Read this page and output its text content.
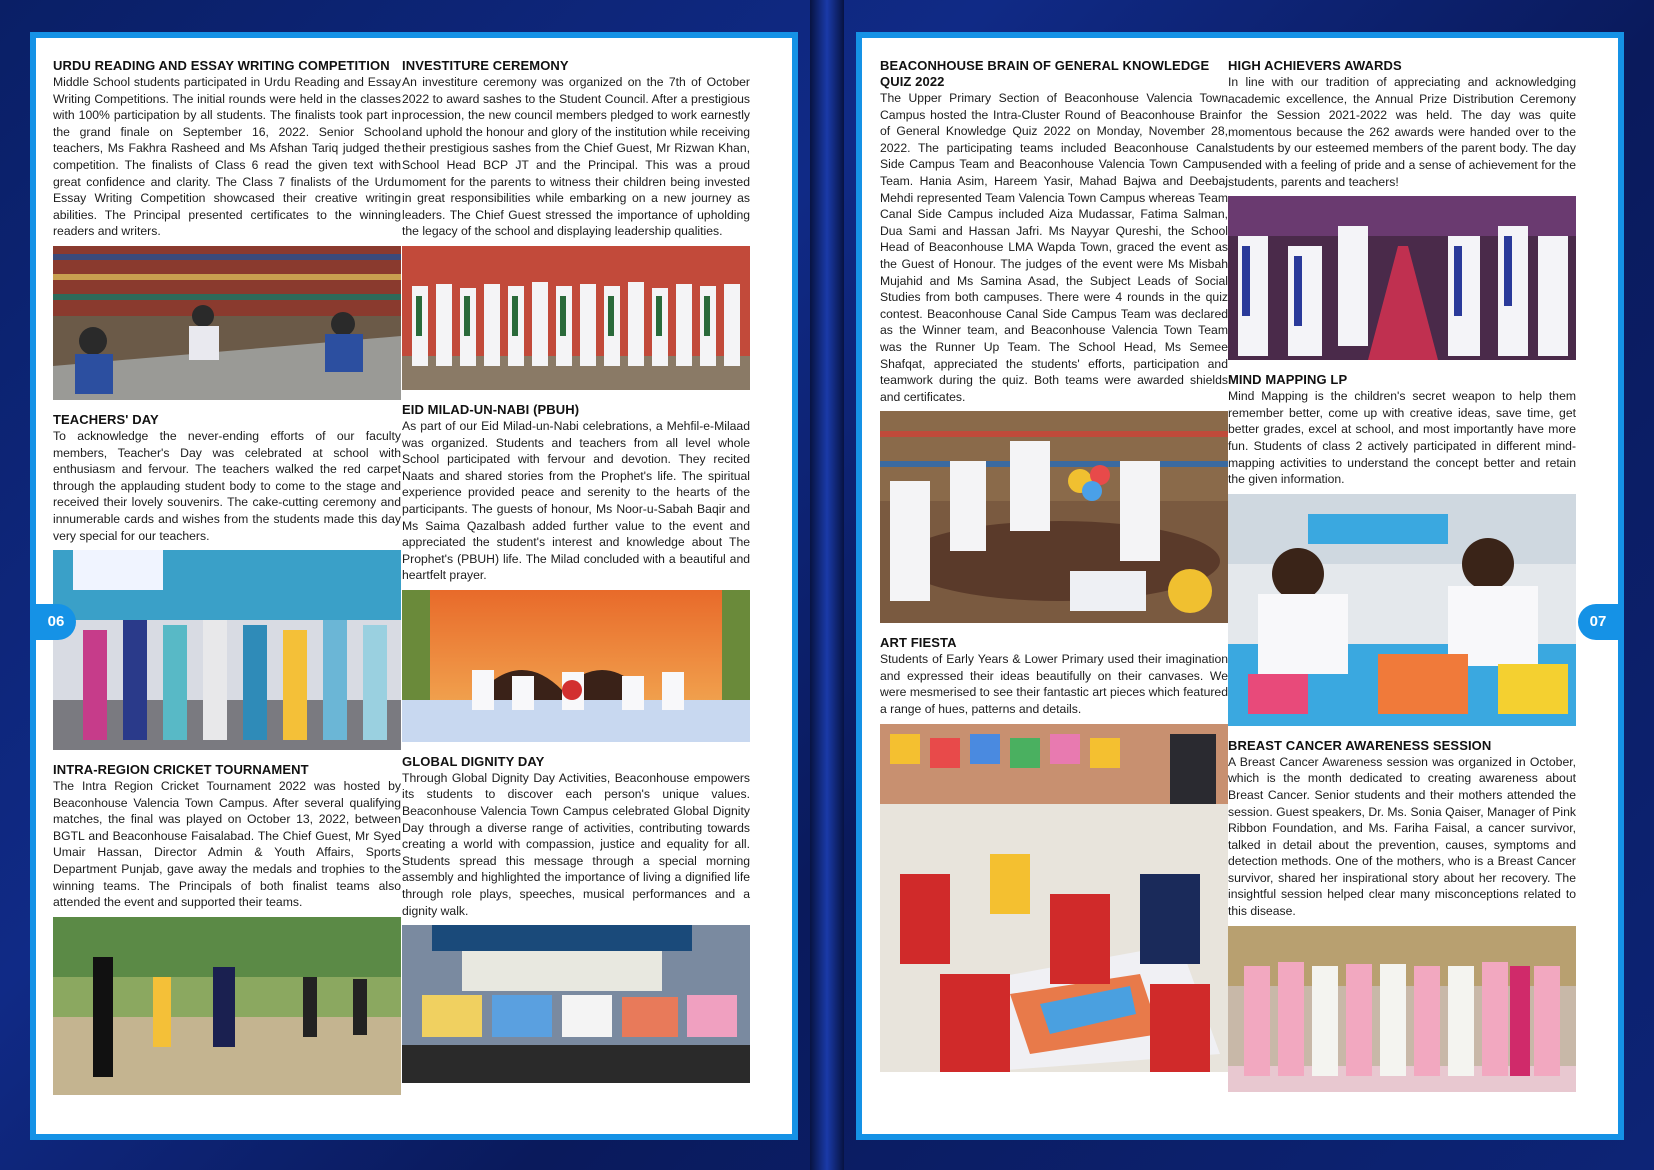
URDU READING AND ESSAY WRITING COMPETITION

Middle School students participated in Urdu Reading and Essay Writing Competitions. The initial rounds were held in the classes with 100% participation by all students. The finalists took part in the grand finale on September 16, 2022. Senior School teachers, Ms Fakhra Rasheed and Ms Afshan Tariq judged the competition. The finalists of Class 6 read the given text with great confidence and clarity. The Class 7 finalists of the Urdu Essay Writing Competition showcased their creative writing abilities. The Principal presented certificates to the winning readers and writers.

TEACHERS' DAY

To acknowledge the never-ending efforts of our faculty members, Teacher's Day was celebrated at school with enthusiasm and fervour. The teachers walked the red carpet through the applauding student body to come to the stage and received their lovely souvenirs. The cake-cutting ceremony and innumerable cards and wishes from the students made this day very special for our teachers.

INTRA-REGION CRICKET TOURNAMENT

The Intra Region Cricket Tournament 2022 was hosted by Beaconhouse Valencia Town Campus. After several qualifying matches, the final was played on October 13, 2022, between BGTL and Beaconhouse Faisalabad. The Chief Guest, Mr Syed Umair Hassan, Director Admin & Youth Affairs, Sports Department Punjab, gave away the medals and trophies to the winning teams. The Principals of both finalist teams also attended the event and supported their teams.

INVESTITURE CEREMONY

An investiture ceremony was organized on the 7th of October 2022 to award sashes to the Student Council. After a prestigious procession, the new council members pledged to work earnestly and uphold the honour and glory of the institution while receiving their prestigious sashes from the Chief Guest, Mr Rizwan Khan, School Head BCP JT and the Principal. This was a proud moment for the parents to witness their children being invested in great responsibilities while embarking on a new journey as leaders. The Chief Guest stressed the importance of upholding the legacy of the school and displaying leadership qualities.

EID MILAD-UN-NABI (PBUH)

As part of our Eid Milad-un-Nabi celebrations, a Mehfil-e-Milaad was organized. Students and teachers from all level whole School participated with fervour and devotion. They recited Naats and shared stories from the Prophet's life. The spiritual experience provided peace and serenity to the hearts of the participants. The guests of honour, Ms Noor-u-Sabah Baqir and Ms Saima Qazalbash added further value to the event and appreciated the student's interest and knowledge about The Prophet's (PBUH) life. The Milad concluded with a beautiful and heartfelt prayer.

GLOBAL DIGNITY DAY

Through Global Dignity Day Activities, Beaconhouse empowers its students to discover each person's unique values. Beaconhouse Valencia Town Campus celebrated Global Dignity Day through a diverse range of activities, contributing towards creating a world with compassion, justice and equality for all. Students spread this message through a special morning assembly and highlighted the importance of living a dignified life through role plays, speeches, musical performances and a dignity walk.

06
BEACONHOUSE BRAIN OF GENERAL KNOWLEDGE QUIZ 2022

The Upper Primary Section of Beaconhouse Valencia Town Campus hosted the Intra-Cluster Round of Beaconhouse Brain of General Knowledge Quiz 2022 on Monday, November 28, 2022. The participating teams included Beaconhouse Canal Side Campus Team and Beaconhouse Valencia Town Campus Team. Hania Asim, Hareem Yasir, Mahad Bajwa and Deebaj Mehdi represented Team Valencia Town Campus whereas Team Canal Side Campus included Aiza Mudassar, Fatima Salman, Dua Sami and Hassan Jafri. Ms Nayyar Qureshi, the School Head of Beaconhouse LMA Wapda Town, graced the event as the Guest of Honour. The judges of the event were Ms Misbah Mujahid and Ms Samina Asad, the Subject Leads of Social Studies from both campuses. There were 4 rounds in the quiz contest. Beaconhouse Canal Side Campus Team was declared as the Winner team, and Beaconhouse Valencia Town Team was the Runner Up Team. The School Head, Ms Semee Shafqat, appreciated the students' efforts, participation and teamwork during the quiz. Both teams were awarded shields and certificates.

ART FIESTA

Students of Early Years & Lower Primary used their imagination and expressed their ideas beautifully on their canvases. We were mesmerised to see their fantastic art pieces which featured a range of hues, patterns and details.

HIGH ACHIEVERS AWARDS

In line with our tradition of appreciating and acknowledging academic excellence, the Annual Prize Distribution Ceremony for the Session 2021-2022 was held. The day was quite momentous because the 262 awards were handed over to the students by our esteemed members of the parent body. The day ended with a feeling of pride and a sense of achievement for the students, parents and teachers!

MIND MAPPING LP

Mind Mapping is the children's secret weapon to help them remember better, come up with creative ideas, save time, get better grades, excel at school, and most importantly have more fun. Students of class 2 actively participated in different mind-mapping activities to understand the concept better and retain the given information.

BREAST CANCER AWARENESS SESSION

A Breast Cancer Awareness session was organized in October, which is the month dedicated to creating awareness about Breast Cancer. Senior students and their mothers attended the session. Guest speakers, Dr. Ms. Sonia Qaiser, Manager of Pink Ribbon Foundation, and Ms. Fariha Faisal, a cancer survivor, talked in detail about the prevention, causes, symptoms and detection methods. One of the mothers, who is a Breast Cancer survivor, shared her inspirational story about her recovery. The insightful session helped clear many misconceptions related to this disease.

07
